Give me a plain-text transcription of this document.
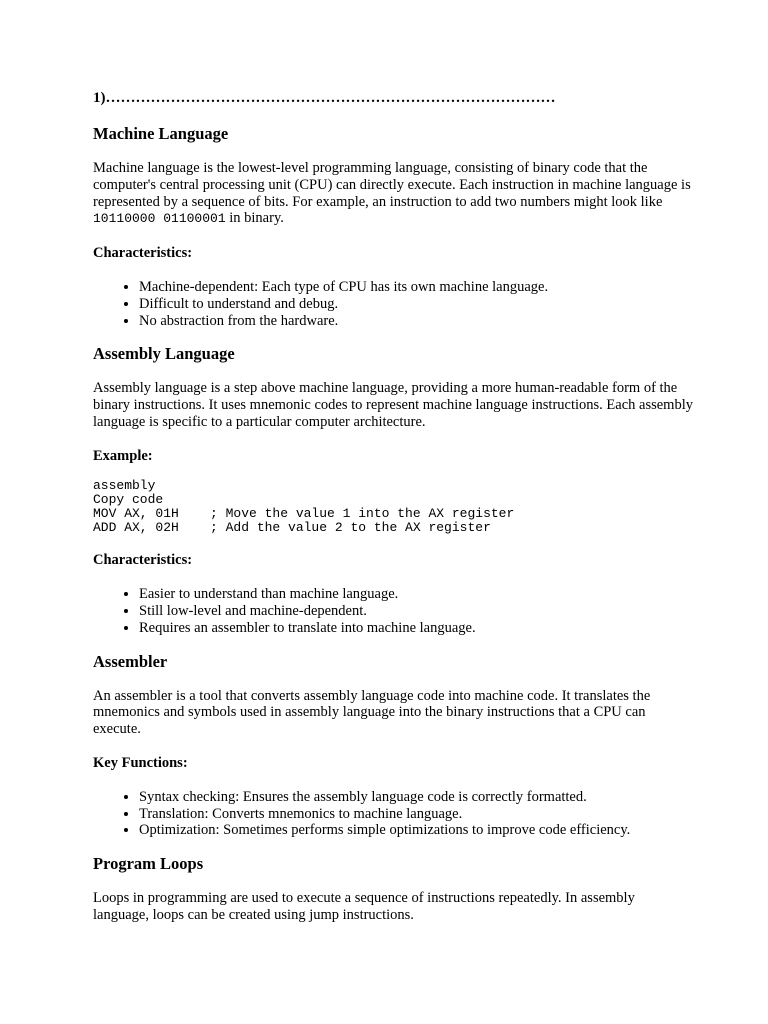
1)………………………………………………………………………………

Machine Language

Machine language is the lowest-level programming language, consisting of binary code that the computer's central processing unit (CPU) can directly execute. Each instruction in machine language is represented by a sequence of bits. For example, an instruction to add two numbers might look like 10110000 01100001 in binary.

Characteristics:

• Machine-dependent: Each type of CPU has its own machine language.
• Difficult to understand and debug.
• No abstraction from the hardware.
Assembly Language

Assembly language is a step above machine language, providing a more human-readable form of the binary instructions. It uses mnemonic codes to represent machine language instructions. Each assembly language is specific to a particular computer architecture.

Example:

assembly
Copy code
MOV AX, 01H    ; Move the value 1 into the AX register
ADD AX, 02H    ; Add the value 2 to the AX register

Characteristics:

• Easier to understand than machine language.
• Still low-level and machine-dependent.
• Requires an assembler to translate into machine language.
Assembler

An assembler is a tool that converts assembly language code into machine code. It translates the mnemonics and symbols used in assembly language into the binary instructions that a CPU can execute.

Key Functions:

• Syntax checking: Ensures the assembly language code is correctly formatted.
• Translation: Converts mnemonics to machine language.
• Optimization: Sometimes performs simple optimizations to improve code efficiency.
Program Loops

Loops in programming are used to execute a sequence of instructions repeatedly. In assembly language, loops can be created using jump instructions.
